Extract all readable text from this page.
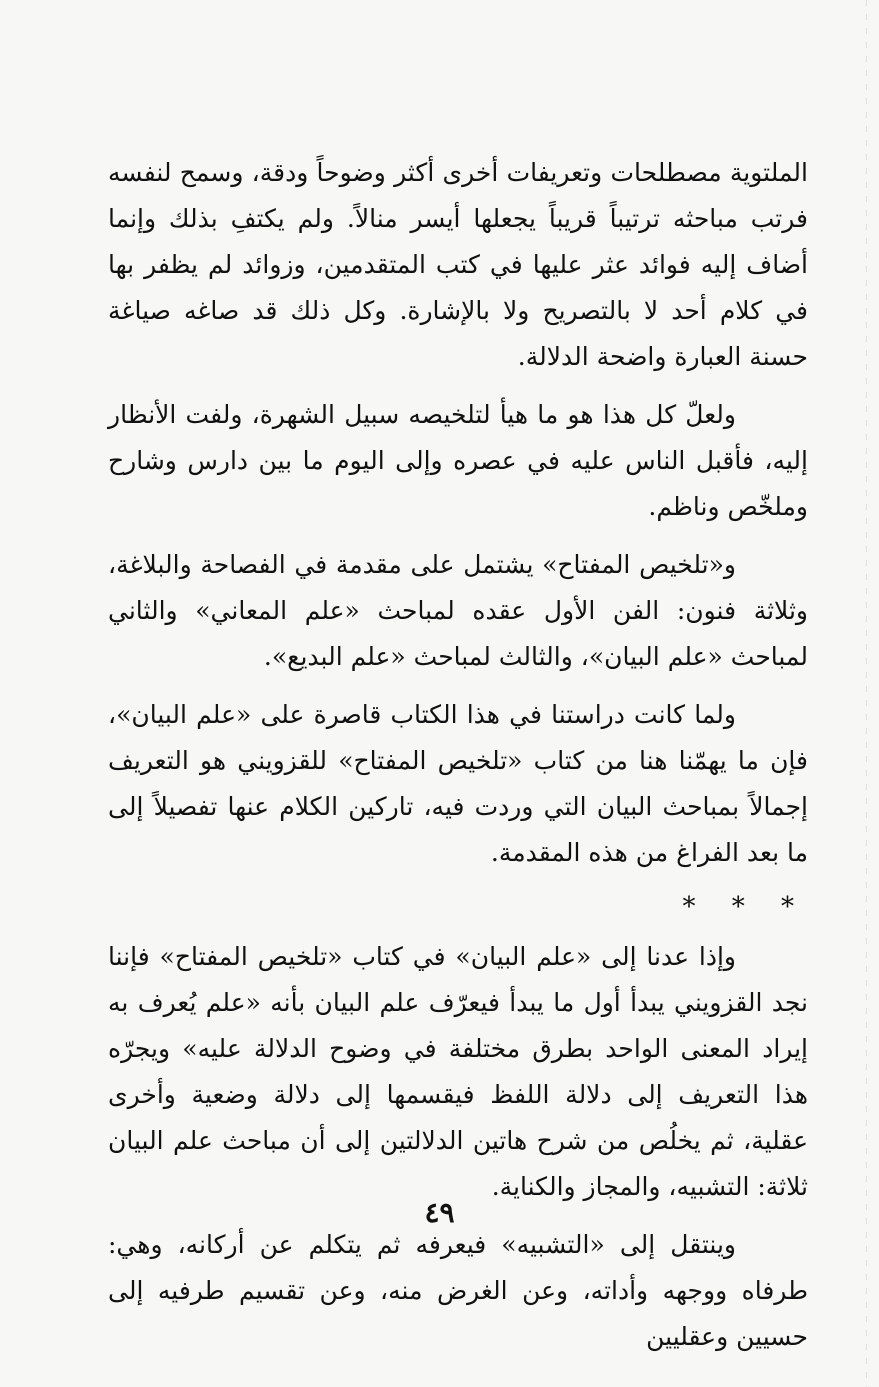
الملتوية مصطلحات وتعريفات أخرى أكثر وضوحاً ودقة، وسمح لنفسه فرتب مباحثه ترتيباً قريباً يجعلها أيسر منالاً. ولم يكتفِ بذلك وإنما أضاف إليه فوائد عثر عليها في كتب المتقدمين، وزوائد لم يظفر بها في كلام أحد لا بالتصريح ولا بالإشارة. وكل ذلك قد صاغه صياغة حسنة العبارة واضحة الدلالة.

ولعلّ كل هذا هو ما هيأ لتلخيصه سبيل الشهرة، ولفت الأنظار إليه، فأقبل الناس عليه في عصره وإلى اليوم ما بين دارس وشارح وملخّص وناظم.

و«تلخيص المفتاح» يشتمل على مقدمة في الفصاحة والبلاغة، وثلاثة فنون: الفن الأول عقده لمباحث «علم المعاني» والثاني لمباحث «علم البيان»، والثالث لمباحث «علم البديع».

ولما كانت دراستنا في هذا الكتاب قاصرة على «علم البيان»، فإن ما يهمّنا هنا من كتاب «تلخيص المفتاح» للقزويني هو التعريف إجمالاً بمباحث البيان التي وردت فيه، تاركين الكلام عنها تفصيلاً إلى ما بعد الفراغ من هذه المقدمة.

* * *

وإذا عدنا إلى «علم البيان» في كتاب «تلخيص المفتاح» فإننا نجد القزويني يبدأ أول ما يبدأ فيعرّف علم البيان بأنه «علم يُعرف به إيراد المعنى الواحد بطرق مختلفة في وضوح الدلالة عليه» ويجرّه هذا التعريف إلى دلالة اللفظ فيقسمها إلى دلالة وضعية وأخرى عقلية، ثم يخلُص من شرح هاتين الدلالتين إلى أن مباحث علم البيان ثلاثة: التشبيه، والمجاز والكناية.

وينتقل إلى «التشبيه» فيعرفه ثم يتكلم عن أركانه، وهي: طرفاه ووجهه وأداته، وعن الغرض منه، وعن تقسيم طرفيه إلى حسيين وعقليين

٤٩
